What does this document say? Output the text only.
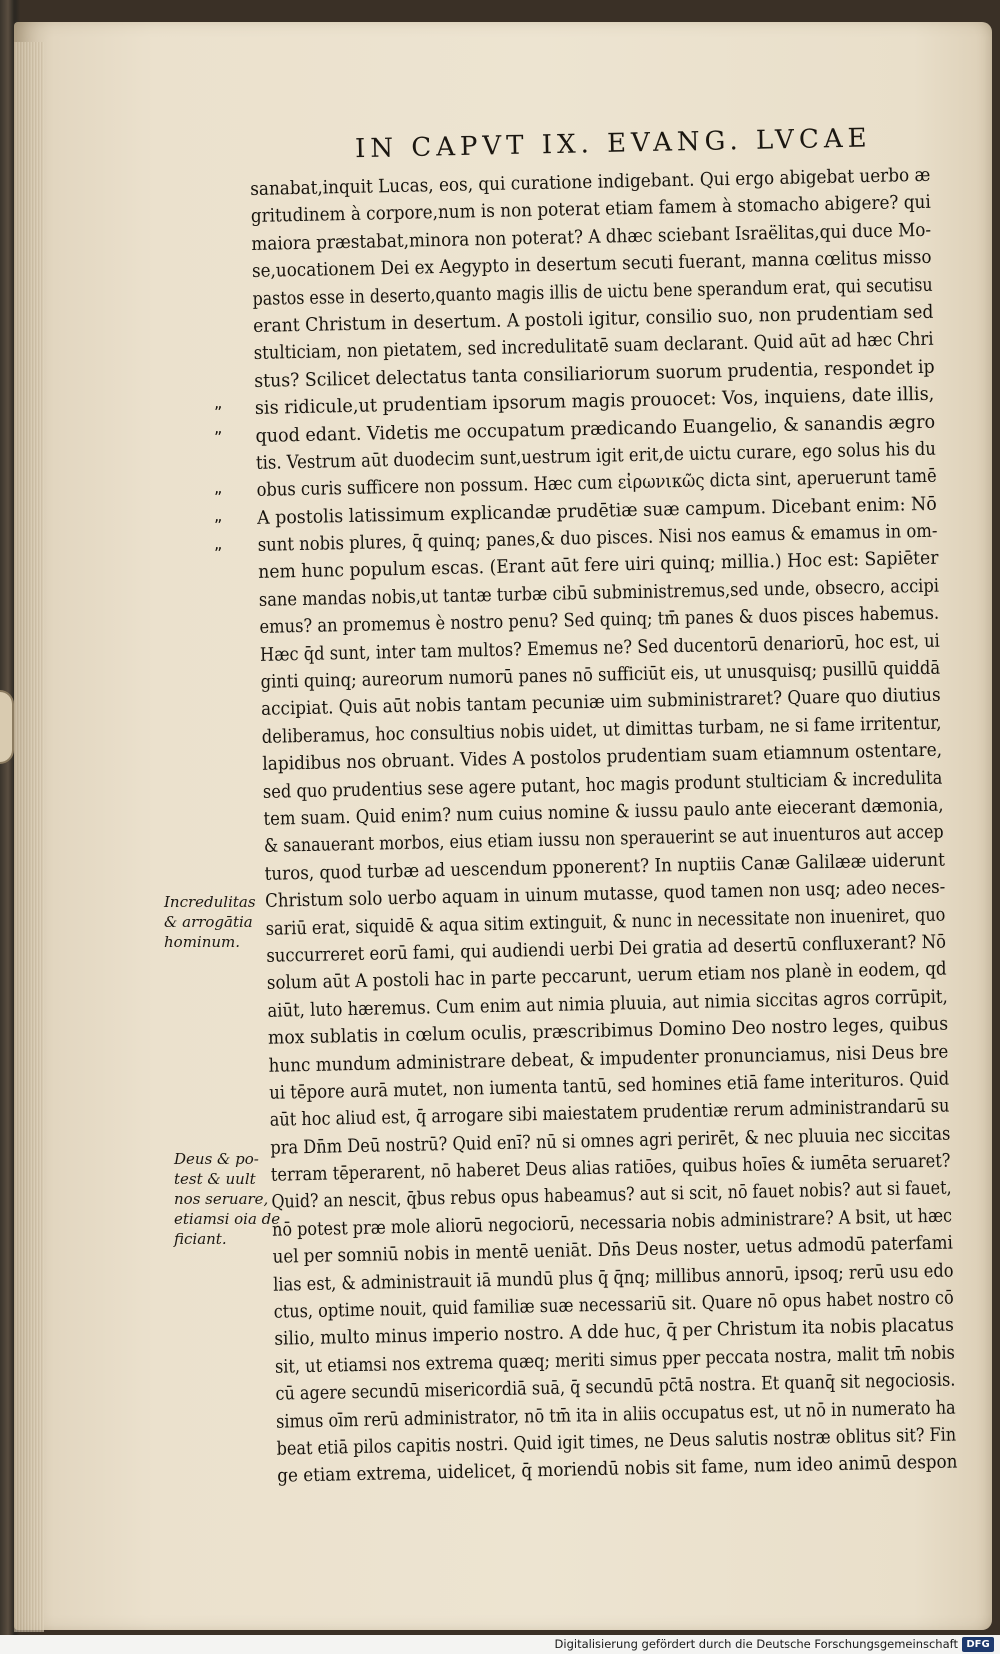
IN CAPVT IX. EVANG. LVCAE
sanabat,inquit Lucas, eos, qui curatione indigebant. Qui ergo abigebat uerbo æ
gritudinem à corpore,num is non poterat etiam famem à stomacho abigere? qui
maiora præstabat,minora non poterat? A dhæc sciebant Israëlitas,qui duce Mo-
se,uocationem Dei ex Aegypto in desertum secuti fuerant, manna cœlitus misso
pastos esse in deserto,quanto magis illis de uictu bene sperandum erat, qui secutisu
erant Christum in desertum. A postoli igitur, consilio suo, non prudentiam sed
stulticiam, non pietatem, sed incredulitatē suam declarant. Quid aūt ad hæc Chri
stus? Scilicet delectatus tanta consiliariorum suorum prudentia, respondet ip
sis ridicule,ut prudentiam ipsorum magis prouocet: Vos, inquiens, date illis,
quod edant. Videtis me occupatum prædicando Euangelio, & sanandis ægro
tis. Vestrum aūt duodecim sunt,uestrum igit erit,de uictu curare, ego solus his du
obus curis sufficere non possum. Hæc cum εἰρωνικῶς dicta sint, aperuerunt tamē
A postolis latissimum explicandæ prudētiæ suæ campum. Dicebant enim: Nō
sunt nobis plures, q̄ quinq; panes,& duo pisces. Nisi nos eamus & emamus in om-
nem hunc populum escas. (Erant aūt fere uiri quinq; millia.) Hoc est: Sapiēter
sane mandas nobis,ut tantæ turbæ cibū subministremus,sed unde, obsecro, accipi
emus? an promemus è nostro penu? Sed quinq; tm̄ panes & duos pisces habemus.
Hæc q̄d sunt, inter tam multos? Ememus ne? Sed ducentorū denariorū, hoc est, ui
ginti quinq; aureorum numorū panes nō sufficiūt eis, ut unusquisq; pusillū quiddā
accipiat. Quis aūt nobis tantam pecuniæ uim subministraret? Quare quo diutius
deliberamus, hoc consultius nobis uidet, ut dimittas turbam, ne si fame irritentur,
lapidibus nos obruant. Vides A postolos prudentiam suam etiamnum ostentare,
sed quo prudentius sese agere putant, hoc magis produnt stulticiam & incredulita
tem suam. Quid enim? num cuius nomine & iussu paulo ante eiecerant dæmonia,
& sanauerant morbos, eius etiam iussu non sperauerint se aut inuenturos aut accep
turos, quod turbæ ad uescendum pponerent? In nuptiis Canæ Galilææ uiderunt
Christum solo uerbo aquam in uinum mutasse, quod tamen non usq; adeo neces-
sariū erat, siquidē & aqua sitim extinguit, & nunc in necessitate non inueniret, quo
succurreret eorū fami, qui audiendi uerbi Dei gratia ad desertū confluxerant? Nō
solum aūt A postoli hac in parte peccarunt, uerum etiam nos planè in eodem, qd
aiūt, luto hæremus. Cum enim aut nimia pluuia, aut nimia siccitas agros corrūpit,
mox sublatis in cœlum oculis, præscribimus Domino Deo nostro leges, quibus
hunc mundum administrare debeat, & impudenter pronunciamus, nisi Deus bre
ui tēpore aurā mutet, non iumenta tantū, sed homines etiā fame interituros. Quid
aūt hoc aliud est, q̄ arrogare sibi maiestatem prudentiæ rerum administrandarū su
pra Dn̄m Deū nostrū? Quid enī? nū si omnes agri perirēt, & nec pluuia nec siccitas
terram tēperarent, nō haberet Deus alias ratiōes, quibus hoīes & iumēta seruaret?
Quid? an nescit, q̄bus rebus opus habeamus? aut si scit, nō fauet nobis? aut si fauet,
nō potest præ mole aliorū negociorū, necessaria nobis administrare? A bsit, ut hæc
uel per somniū nobis in mentē ueniāt. Dn̄s Deus noster, uetus admodū paterfami
lias est, & administrauit iā mundū plus q̄ q̄nq; millibus annorū, ipsoq; rerū usu edo
ctus, optime nouit, quid familiæ suæ necessariū sit. Quare nō opus habet nostro cō
silio, multo minus imperio nostro. A dde huc, q̄ per Christum ita nobis placatus
sit, ut etiamsi nos extrema quæq; meriti simus pper peccata nostra, malit tm̄ nobis
cū agere secundū misericordiā suā, q̄ secundū pc̄tā nostra. Et quanq̄ sit negociosis.
simus oīm rerū administrator, nō tm̄ ita in aliis occupatus est, ut nō in numerato ha
beat etiā pilos capitis nostri. Quid igit times, ne Deus salutis nostræ oblitus sit? Fin
ge etiam extrema, uidelicet, q̄ moriendū nobis sit fame, num ideo animū despon
„
„
„
„
„
Incredulitas
& arrogātia
hominum.
Deus & po-
test & uult
nos seruare,
etiamsi oia de
ficiant.
Digitalisierung gefördert durch die Deutsche Forschungsgemeinschaft DFG
